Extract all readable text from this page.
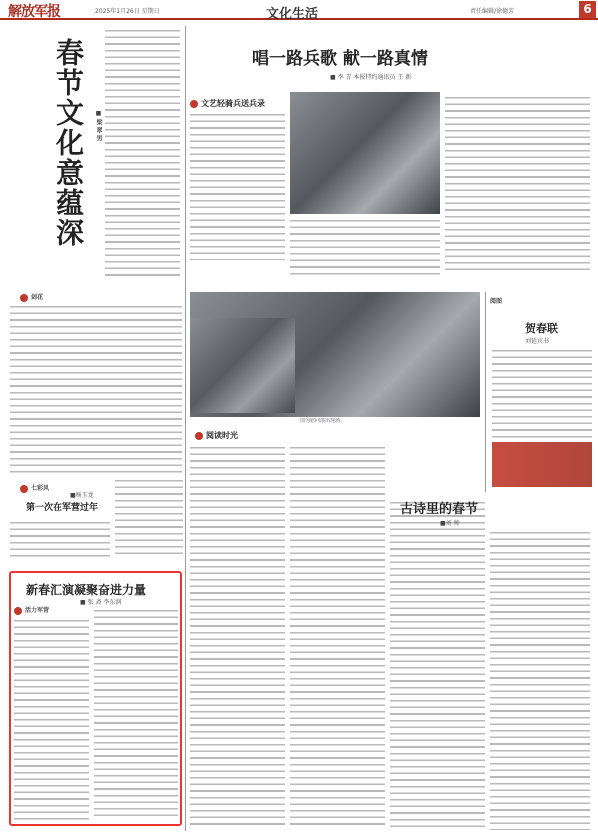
解放军报	2025年1月26日 星期日	文化生活	责任编辑/徐德芳	6
春节文化意蕴深	■梁翠男
剑花
七彩风
第一次在军营过年
■杨玉龙
新春汇演凝聚奋进力量
■ 张 斋 李东润
活力军营
唱一路兵歌 献一路真情
■ 李 青 本报特约通讯员 王 新
文艺轻骑兵送兵录
图为慰问演出现场。
阅图
贺春联
刘延宾书
阅读时光
古诗里的春节
■刘 帅
